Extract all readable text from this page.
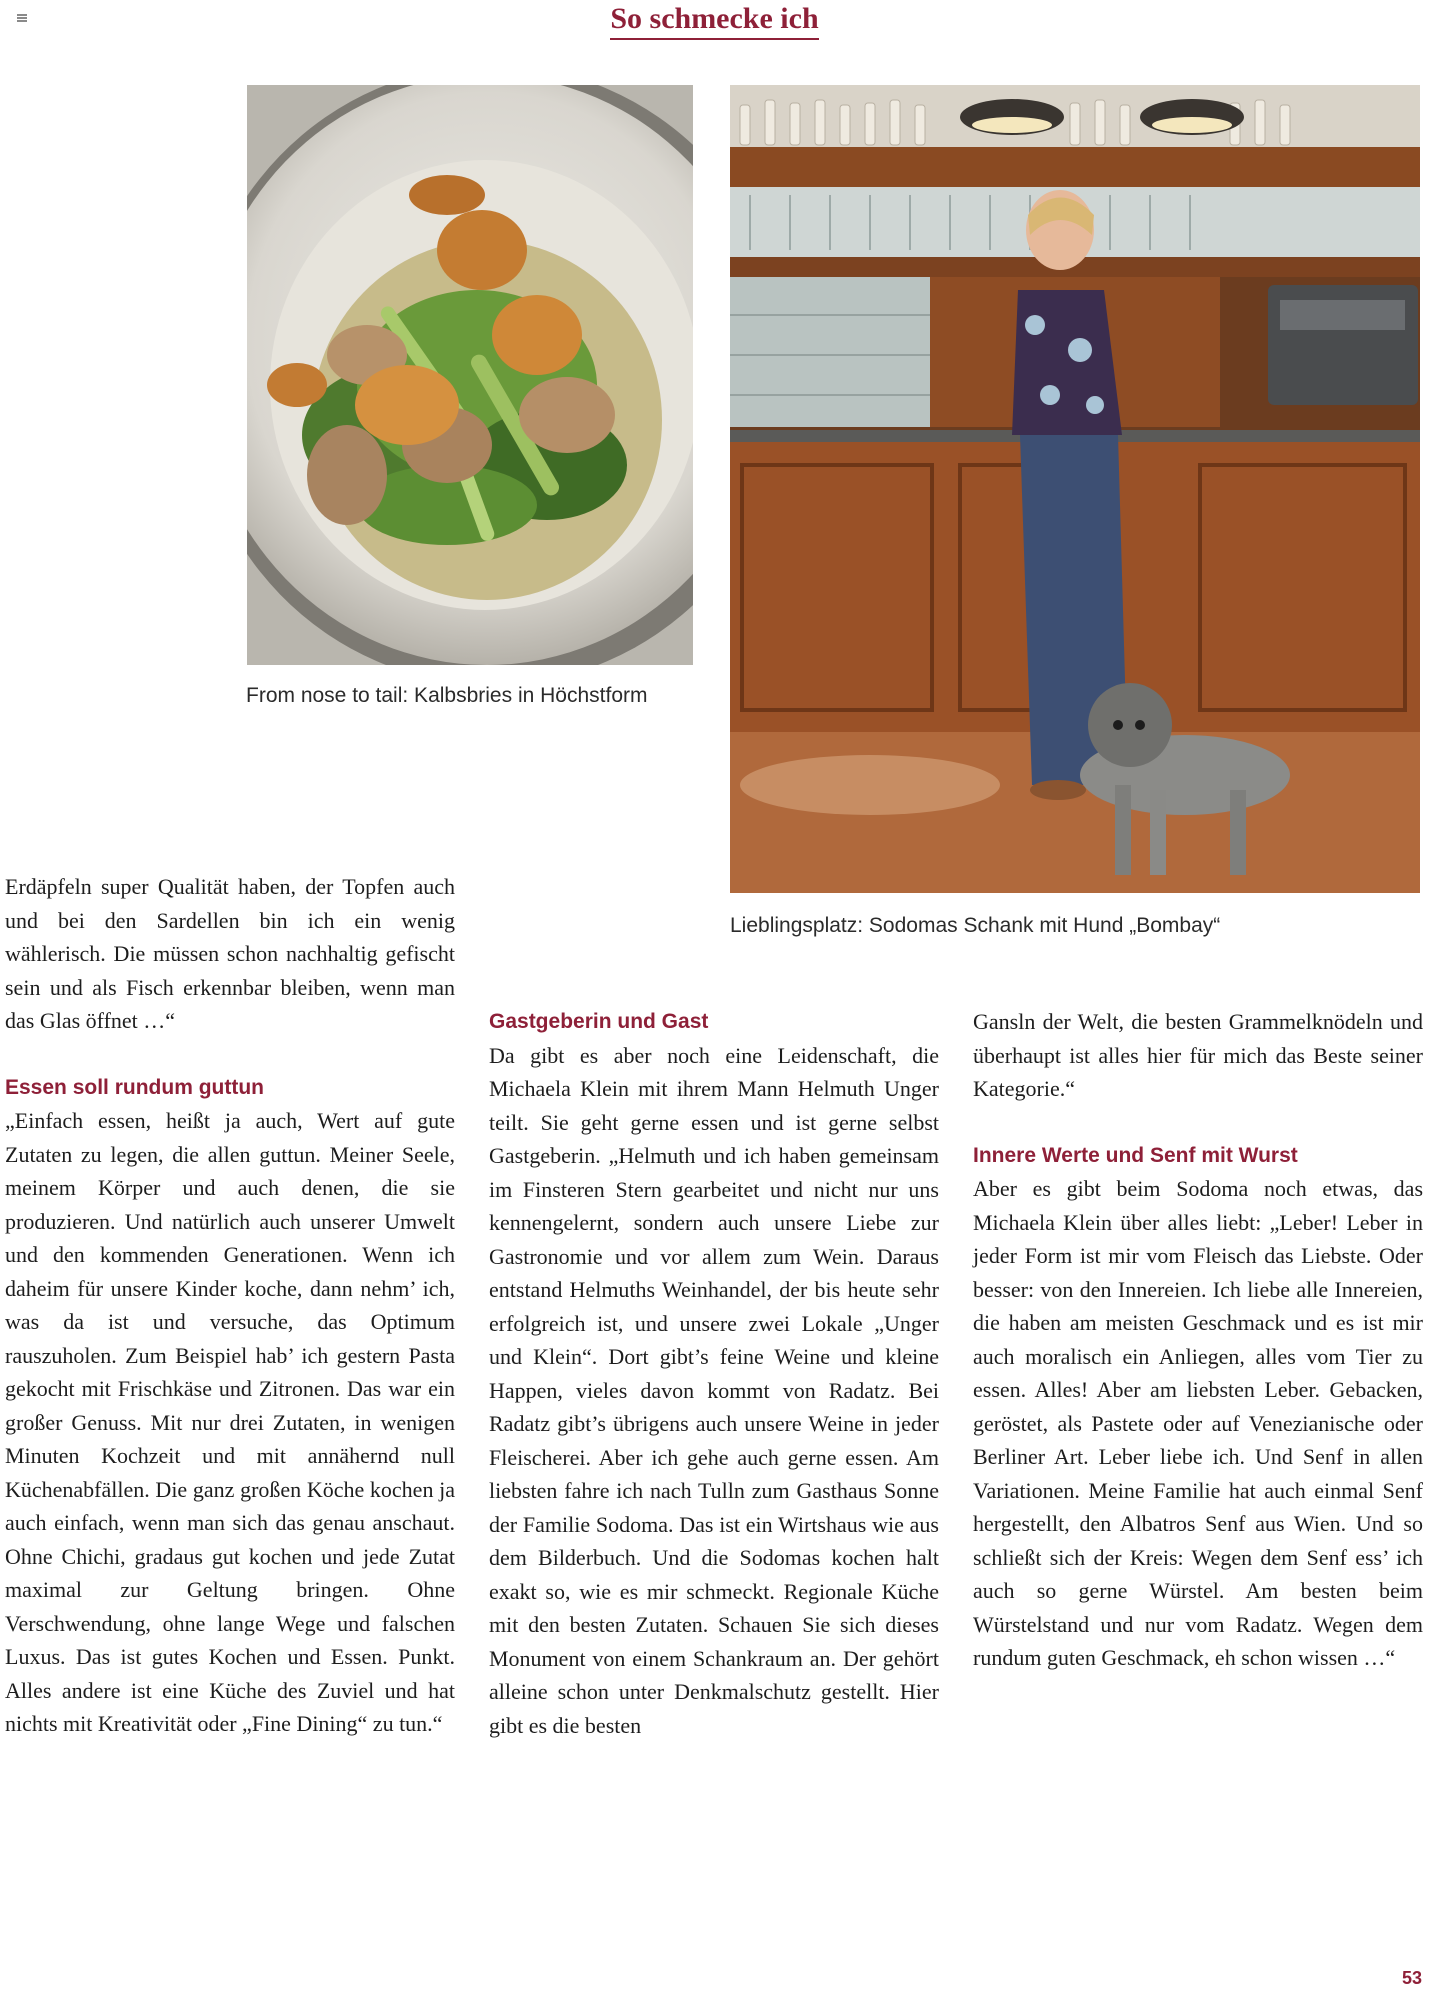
So schmecke ich
From nose to tail: Kalbsbries in Höchstform
Lieblingsplatz: Sodomas Schank mit Hund „Bombay“

Erdäpfeln super Qualität haben, der Topfen auch und bei den Sardellen bin ich ein wenig wählerisch. Die müssen schon nachhaltig gefischt sein und als Fisch erkennbar bleiben, wenn man das Glas öffnet …“

Essen soll rundum guttun

„Einfach essen, heißt ja auch, Wert auf gute Zutaten zu legen, die allen guttun. Meiner Seele, meinem Körper und auch denen, die sie produzieren. Und natürlich auch unserer Umwelt und den kommenden Generationen. Wenn ich daheim für unsere Kinder koche, dann nehm’ ich, was da ist und versuche, das Optimum rauszuholen. Zum Beispiel hab’ ich gestern Pasta gekocht mit Frischkäse und Zitronen. Das war ein großer Genuss. Mit nur drei Zutaten, in wenigen Minuten Kochzeit und mit annähernd null Küchenabfällen. Die ganz großen Köche kochen ja auch einfach, wenn man sich das genau anschaut. Ohne Chichi, gradaus gut kochen und jede Zutat maximal zur Geltung bringen. Ohne Verschwendung, ohne lange Wege und falschen Luxus. Das ist gutes Kochen und Essen. Punkt. Alles andere ist eine Küche des Zuviel und hat nichts mit Kreativität oder „Fine Dining“ zu tun.“

Gastgeberin und Gast

Da gibt es aber noch eine Leidenschaft, die Michaela Klein mit ihrem Mann Helmuth Unger teilt. Sie geht gerne essen und ist gerne selbst Gastgeberin. „Helmuth und ich haben gemeinsam im Finsteren Stern gearbeitet und nicht nur uns kennengelernt, sondern auch unsere Liebe zur Gastronomie und vor allem zum Wein. Daraus entstand Helmuths Weinhandel, der bis heute sehr erfolgreich ist, und unsere zwei Lokale „Unger und Klein“. Dort gibt’s feine Weine und kleine Happen, vieles davon kommt von Radatz. Bei Radatz gibt’s übrigens auch unsere Weine in jeder Fleischerei. Aber ich gehe auch gerne essen. Am liebsten fahre ich nach Tulln zum Gasthaus Sonne der Familie Sodoma. Das ist ein Wirtshaus wie aus dem Bilderbuch. Und die Sodomas kochen halt exakt so, wie es mir schmeckt. Regionale Küche mit den besten Zutaten. Schauen Sie sich dieses Monument von einem Schankraum an. Der gehört alleine schon unter Denkmalschutz gestellt. Hier gibt es die besten

Gansln der Welt, die besten Grammelknödeln und überhaupt ist alles hier für mich das Beste seiner Kategorie.“

Innere Werte und Senf mit Wurst

Aber es gibt beim Sodoma noch etwas, das Michaela Klein über alles liebt: „Leber! Leber in jeder Form ist mir vom Fleisch das Liebste. Oder besser: von den Innereien. Ich liebe alle Innereien, die haben am meisten Geschmack und es ist mir auch moralisch ein Anliegen, alles vom Tier zu essen. Alles! Aber am liebsten Leber. Gebacken, geröstet, als Pastete oder auf Venezianische oder Berliner Art. Leber liebe ich. Und Senf in allen Variationen. Meine Familie hat auch einmal Senf hergestellt, den Albatros Senf aus Wien. Und so schließt sich der Kreis: Wegen dem Senf ess’ ich auch so gerne Würstel. Am besten beim Würstelstand und nur vom Radatz. Wegen dem rundum guten Geschmack, eh schon wissen …“

53
